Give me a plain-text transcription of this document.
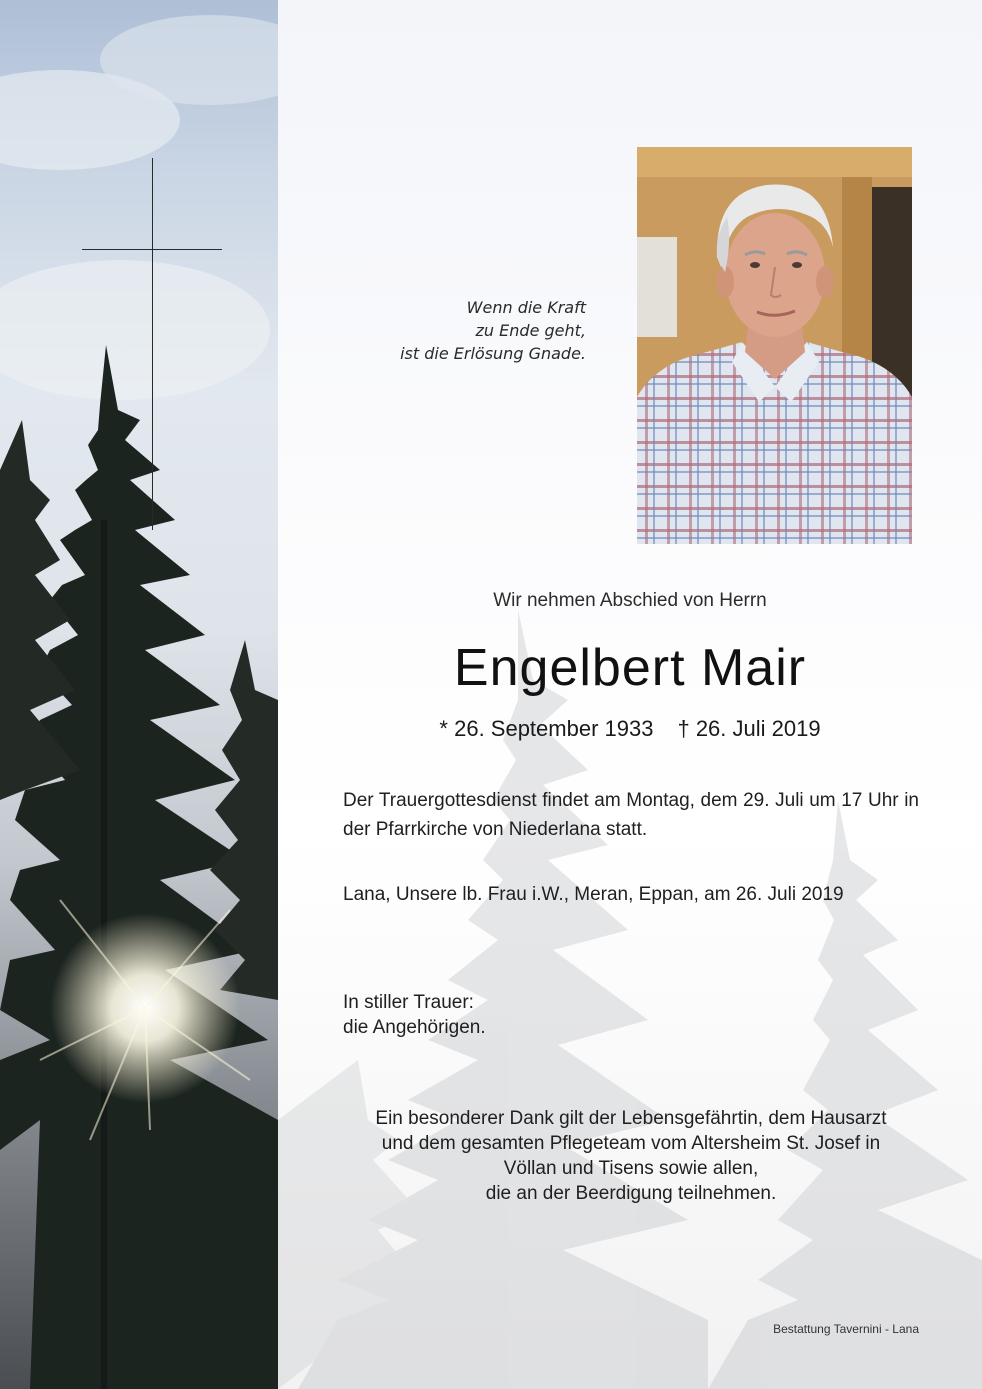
Wenn die Kraft
zu Ende geht,
ist die Erlösung Gnade.
Wir nehmen Abschied von Herrn
Engelbert Mair
* 26. September 1933 † 26. Juli 2019
Der Trauergottesdienst findet am Montag, dem 29. Juli um 17 Uhr in der Pfarrkirche von Niederlana statt.
Lana, Unsere lb. Frau i.W., Meran, Eppan, am 26. Juli 2019
In stiller Trauer:
die Angehörigen.
Ein besonderer Dank gilt der Lebensgefährtin, dem Hausarzt
und dem gesamten Pflegeteam vom Altersheim St. Josef in
Völlan und Tisens sowie allen,
die an der Beerdigung teilnehmen.
Bestattung Tavernini - Lana
